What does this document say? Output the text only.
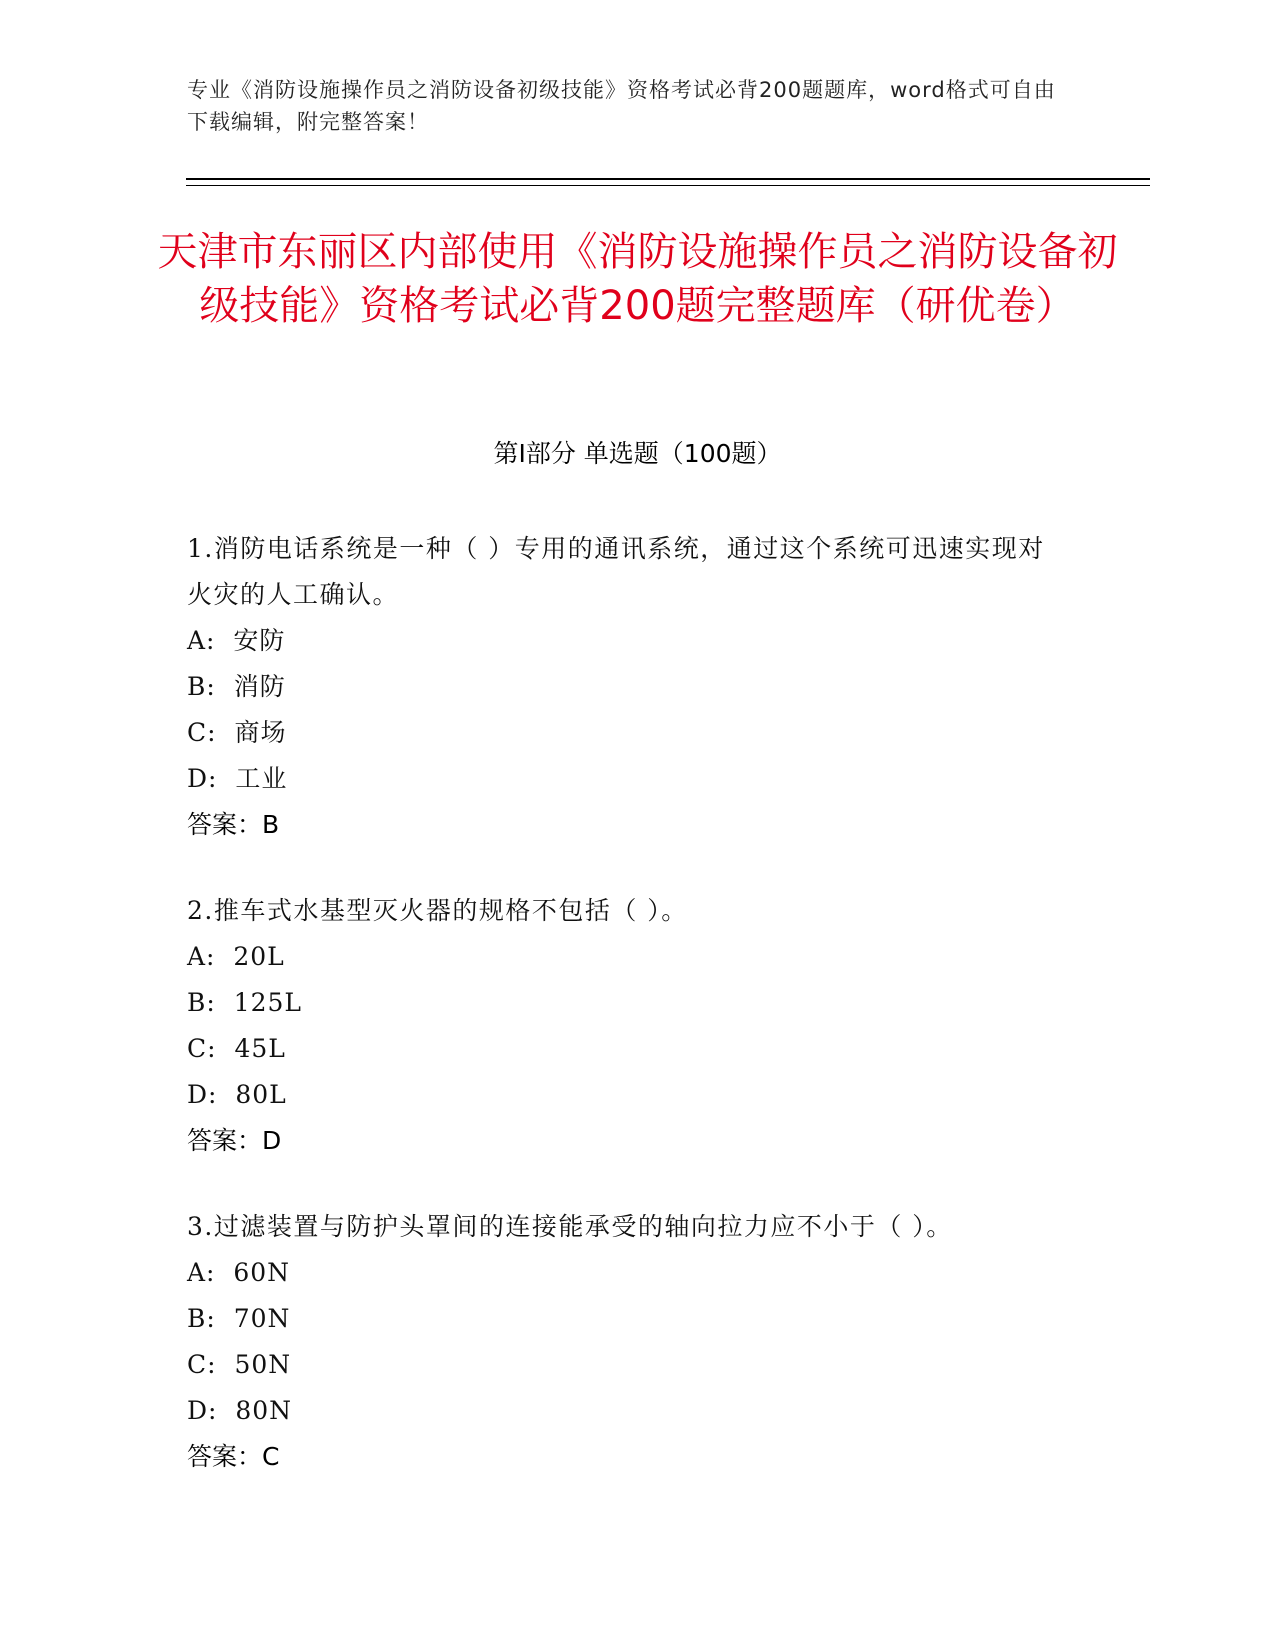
专业《消防设施操作员之消防设备初级技能》资格考试必背200题题库，word格式可自由下载编辑，附完整答案！
天津市东丽区内部使用《消防设施操作员之消防设备初级技能》资格考试必背200题完整题库（研优卷）
第Ⅰ部分 单选题（100题）
1.消防电话系统是一种（ ）专用的通讯系统，通过这个系统可迅速实现对火灾的人工确认。
A:  安防
B:  消防
C:  商场
D:  工业
答案：B
2.推车式水基型灭火器的规格不包括（ ）。
A:  20L
B:  125L
C:  45L
D:  80L
答案：D
3.过滤装置与防护头罩间的连接能承受的轴向拉力应不小于（ ）。
A:  60N
B:  70N
C:  50N
D:  80N
答案：C
